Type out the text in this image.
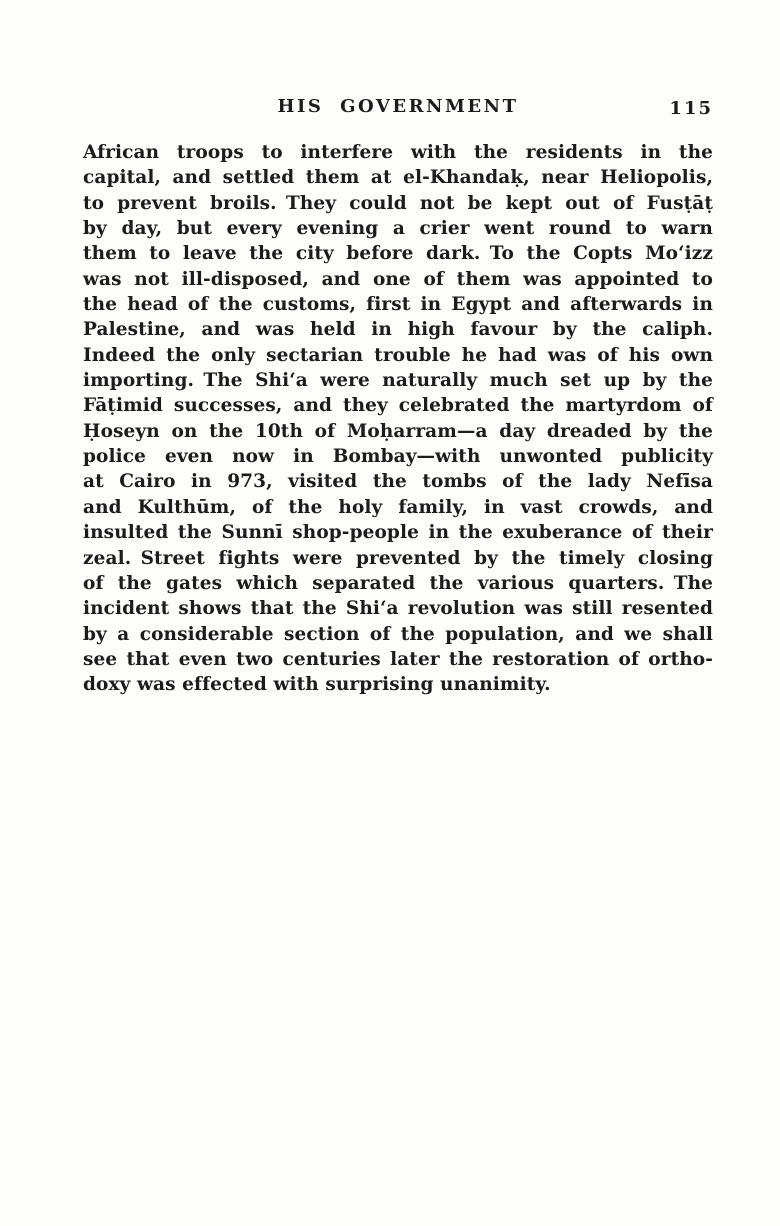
HIS GOVERNMENT	115
African troops to interfere with the residents in the
capital, and settled them at el-Khandaḳ, near Heliopolis,
to prevent broils. They could not be kept out of Fusṭāṭ
by day, but every evening a crier went round to warn
them to leave the city before dark. To the Copts Mo‘izz
was not ill-disposed, and one of them was appointed to
the head of the customs, first in Egypt and afterwards in
Palestine, and was held in high favour by the caliph.
Indeed the only sectarian trouble he had was of his own
importing. The Shi‘a were naturally much set up by the
Fāṭimid successes, and they celebrated the martyrdom of
Ḥoseyn on the 10th of Moḥarram—a day dreaded by the
police even now in Bombay—with unwonted publicity
at Cairo in 973, visited the tombs of the lady Nefīsa
and Kulthūm, of the holy family, in vast crowds, and
insulted the Sunnī shop-people in the exuberance of their
zeal. Street fights were prevented by the timely closing
of the gates which separated the various quarters. The
incident shows that the Shi‘a revolution was still resented
by a considerable section of the population, and we shall
see that even two centuries later the restoration of ortho-
doxy was effected with surprising unanimity.
